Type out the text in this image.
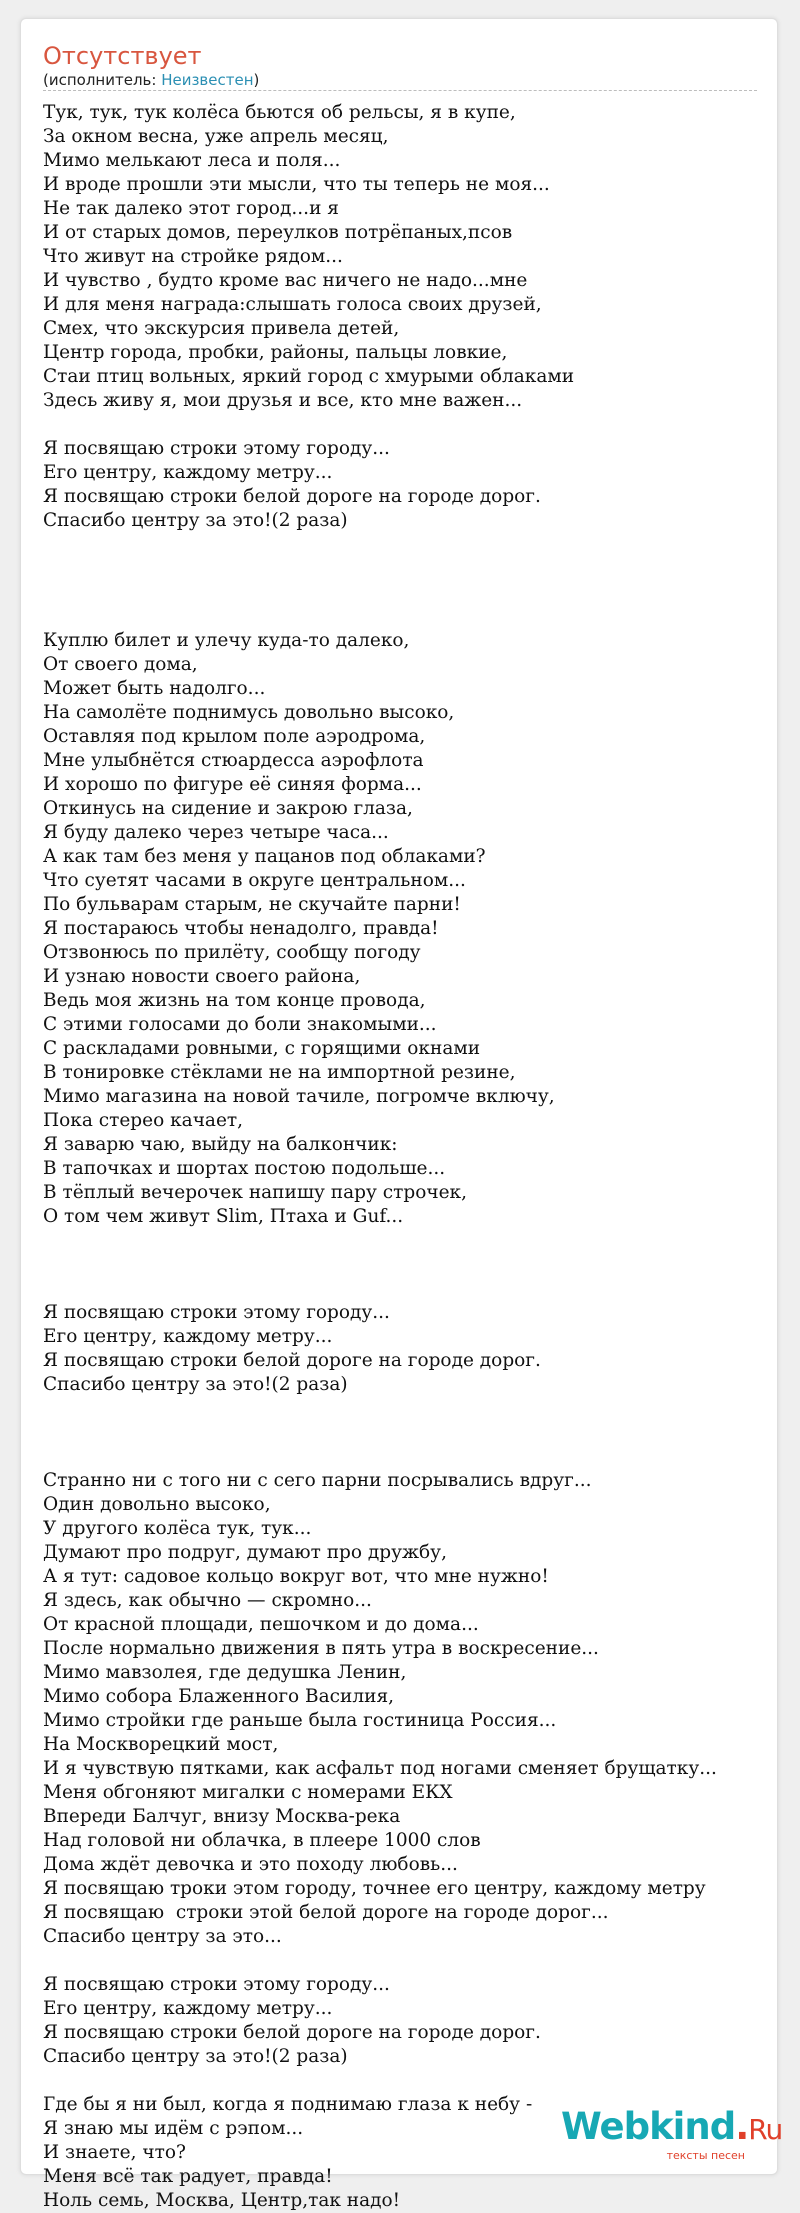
Отсутствует
(исполнитель: Неизвестен)
Тук, тук, тук колёса бьются об рельсы, я в купе,
За окном весна, уже апрель месяц,
Мимо мелькают леса и поля...
И вроде прошли эти мысли, что ты теперь не моя...
Не так далеко этот город...и я
И от старых домов, переулков потрёпаных,псов
Что живут на стройке рядом...
И чувство , будто кроме вас ничего не надо...мне
И для меня награда:слышать голоса своих друзей,
Смех, что экскурсия привела детей,
Центр города, пробки, районы, пальцы ловкие,
Стаи птиц вольных, яркий город с хмурыми облаками
Здесь живу я, мои друзья и все, кто мне важен...
Я посвящаю строки этому городу...
Его центру, каждому метру...
Я посвящаю строки белой дороге на городе дорог.
Спасибо центру за это!(2 раза)
Куплю билет и улечу куда-то далеко,
От своего дома,
Может быть надолго...
На самолёте поднимусь довольно высоко,
Оставляя под крылом поле аэродрома,
Мне улыбнётся стюардесса аэрофлота
И хорошо по фигуре её синяя форма...
Откинусь на сидение и закрою глаза,
Я буду далеко через четыре часа...
А как там без меня у пацанов под облаками?
Что суетят часами в округе центральном...
По бульварам старым, не скучайте парни!
Я постараюсь чтобы ненадолго, правда!
Отзвонюсь по прилёту, сообщу погоду
И узнаю новости своего района,
Ведь моя жизнь на том конце провода,
С этими голосами до боли знакомыми...
С раскладами ровными, с горящими окнами
В тонировке стёклами не на импортной резине,
Мимо магазина на новой тачиле, погромче включу,
Пока стерео качает,
Я заварю чаю, выйду на балкончик:
В тапочках и шортах постою подольше...
В тёплый вечерочек напишу пару строчек,
О том чем живут Slim, Птаха и Guf...
Я посвящаю строки этому городу...
Его центру, каждому метру...
Я посвящаю строки белой дороге на городе дорог.
Спасибо центру за это!(2 раза)
Странно ни с того ни с сего парни посрывались вдруг...
Один довольно высоко,
У другого колёса тук, тук...
Думают про подруг, думают про дружбу,
А я тут: садовое кольцо вокруг вот, что мне нужно!
Я здесь, как обычно — скромно...
От красной площади, пешочком и до дома...
После нормально движения в пять утра в воскресение...
Мимо мавзолея, где дедушка Ленин,
Мимо собора Блаженного Василия,
Мимо стройки где раньше была гостиница Россия...
На Москворецкий мост,
И я чувствую пятками, как асфальт под ногами сменяет брущатку...
Меня обгоняют мигалки с номерами ЕКХ
Впереди Балчуг, внизу Москва-река
Над головой ни облачка, в плеере 1000 слов
Дома ждёт девочка и это походу любовь...
Я посвящаю троки этом городу, точнее его центру, каждому метру
Я посвящаю  строки этой белой дороге на городе дорог...
Спасибо центру за это...
Я посвящаю строки этому городу...
Его центру, каждому метру...
Я посвящаю строки белой дороге на городе дорог.
Спасибо центру за это!(2 раза)
Где бы я ни был, когда я поднимаю глаза к небу -
Я знаю мы идём с рэпом...
И знаете, что?
Меня всё так радует, правда!
Ноль семь, Москва, Центр,так надо!
Webkind.Ru
тексты песен
